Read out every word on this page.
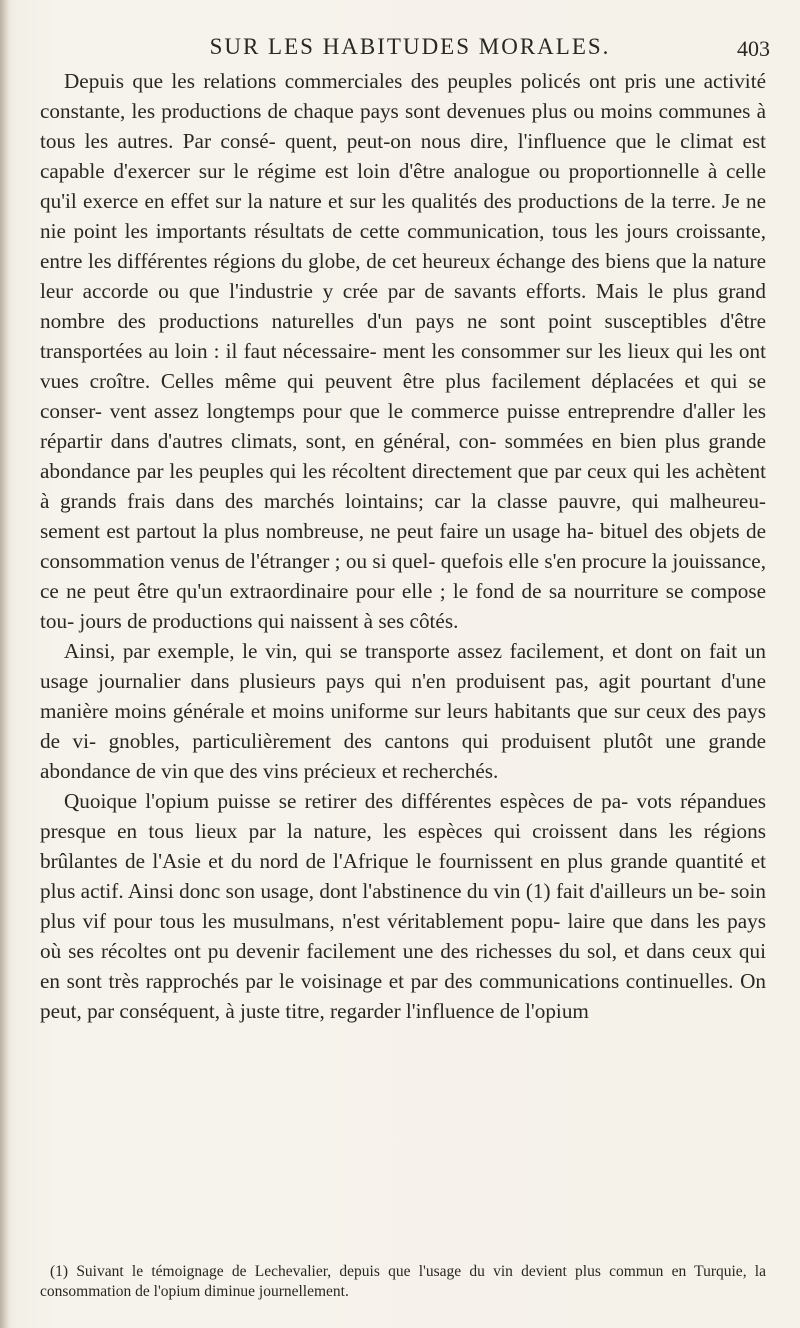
SUR LES HABITUDES MORALES.	403

Depuis que les relations commerciales des peuples policés ont pris une activité constante, les productions de chaque pays sont devenues plus ou moins communes à tous les autres. Par consé- quent, peut-on nous dire, l'influence que le climat est capable d'exercer sur le régime est loin d'être analogue ou proportionnelle à celle qu'il exerce en effet sur la nature et sur les qualités des productions de la terre. Je ne nie point les importants résultats de cette communication, tous les jours croissante, entre les différentes régions du globe, de cet heureux échange des biens que la nature leur accorde ou que l'industrie y crée par de savants efforts. Mais le plus grand nombre des productions naturelles d'un pays ne sont point susceptibles d'être transportées au loin : il faut nécessaire- ment les consommer sur les lieux qui les ont vues croître. Celles même qui peuvent être plus facilement déplacées et qui se conser- vent assez longtemps pour que le commerce puisse entreprendre d'aller les répartir dans d'autres climats, sont, en général, con- sommées en bien plus grande abondance par les peuples qui les récoltent directement que par ceux qui les achètent à grands frais dans des marchés lointains; car la classe pauvre, qui malheureu- sement est partout la plus nombreuse, ne peut faire un usage ha- bituel des objets de consommation venus de l'étranger ; ou si quel- quefois elle s'en procure la jouissance, ce ne peut être qu'un extraordinaire pour elle ; le fond de sa nourriture se compose tou- jours de productions qui naissent à ses côtés.

Ainsi, par exemple, le vin, qui se transporte assez facilement, et dont on fait un usage journalier dans plusieurs pays qui n'en produisent pas, agit pourtant d'une manière moins générale et moins uniforme sur leurs habitants que sur ceux des pays de vi- gnobles, particulièrement des cantons qui produisent plutôt une grande abondance de vin que des vins précieux et recherchés.

Quoique l'opium puisse se retirer des différentes espèces de pa- vots répandues presque en tous lieux par la nature, les espèces qui croissent dans les régions brûlantes de l'Asie et du nord de l'Afrique le fournissent en plus grande quantité et plus actif. Ainsi donc son usage, dont l'abstinence du vin (1) fait d'ailleurs un be- soin plus vif pour tous les musulmans, n'est véritablement popu- laire que dans les pays où ses récoltes ont pu devenir facilement une des richesses du sol, et dans ceux qui en sont très rapprochés par le voisinage et par des communications continuelles. On peut, par conséquent, à juste titre, regarder l'influence de l'opium

(1) Suivant le témoignage de Lechevalier, depuis que l'usage du vin devient plus commun en Turquie, la consommation de l'opium diminue journellement.
